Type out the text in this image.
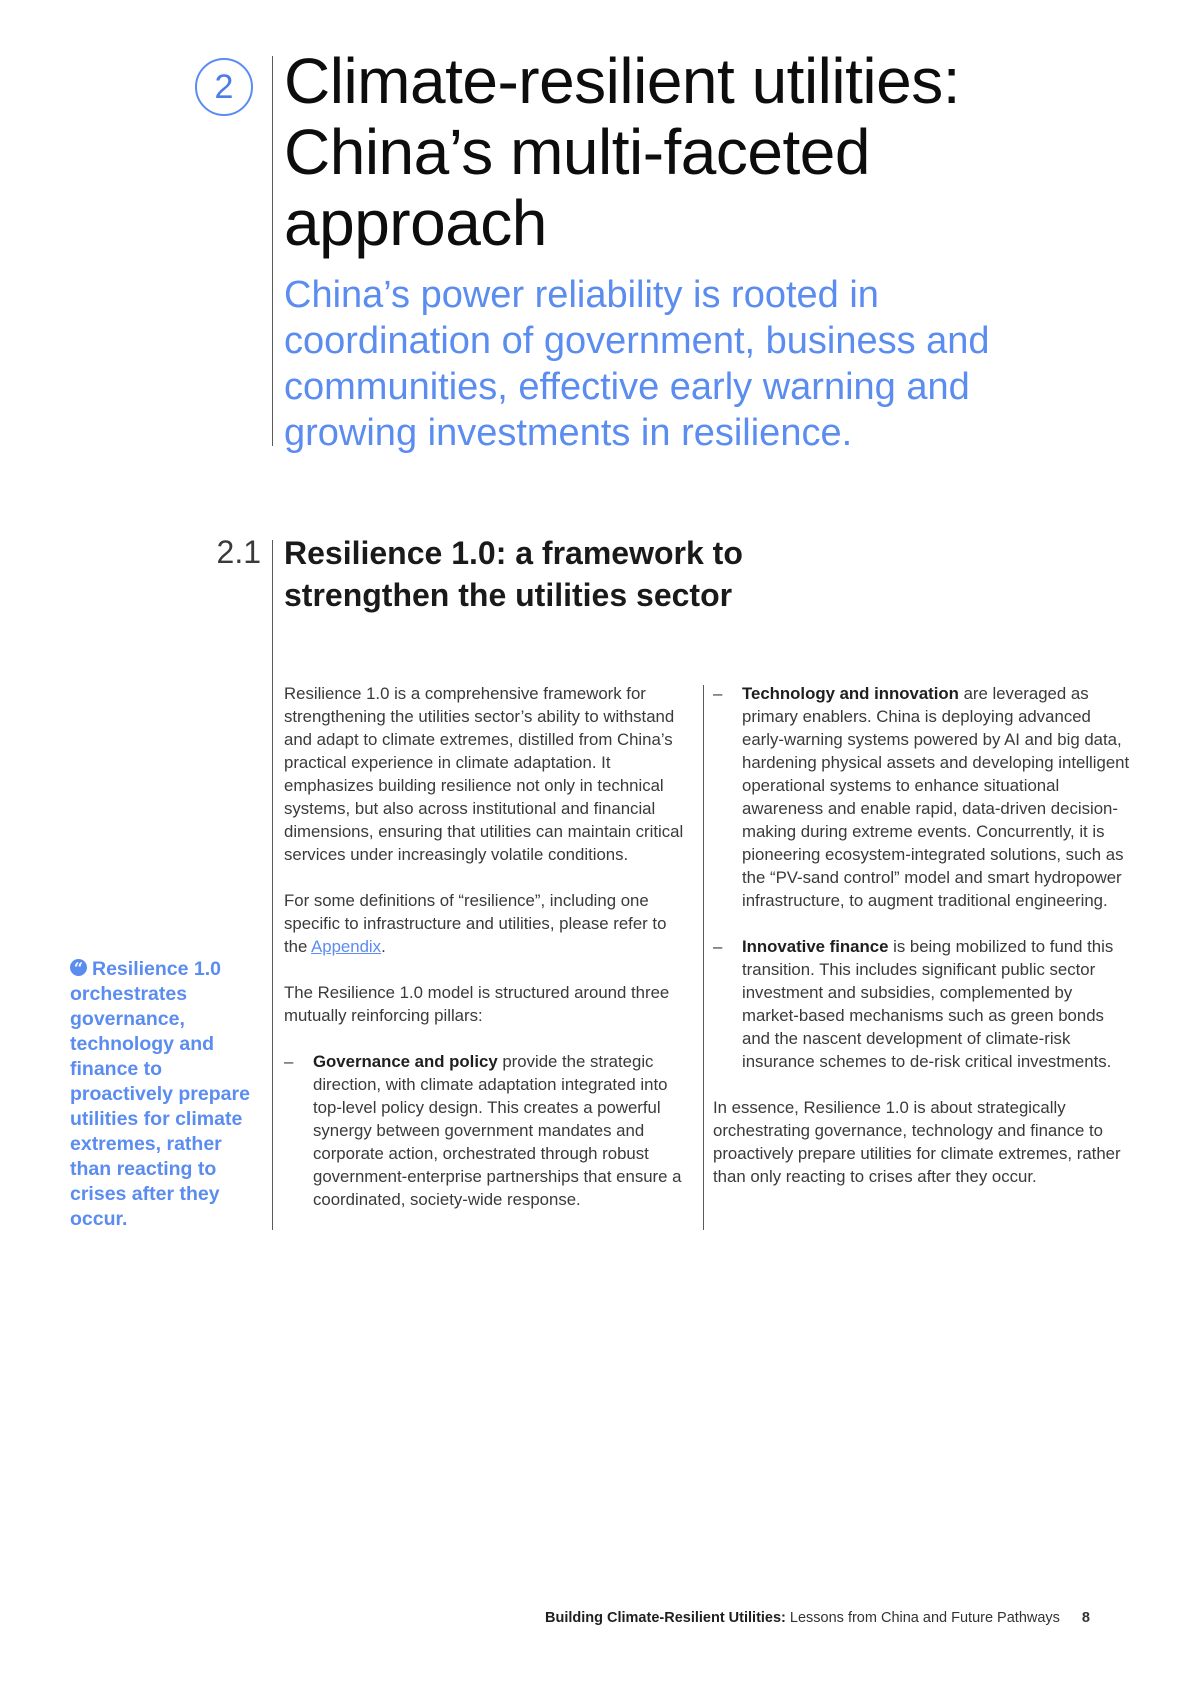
2 Climate-resilient utilities: China’s multi-faceted approach

China’s power reliability is rooted in coordination of government, business and communities, effective early warning and growing investments in resilience.

2.1 Resilience 1.0: a framework to strengthen the utilities sector

Resilience 1.0 is a comprehensive framework for strengthening the utilities sector’s ability to withstand and adapt to climate extremes, distilled from China’s practical experience in climate adaptation. It emphasizes building resilience not only in technical systems, but also across institutional and financial dimensions, ensuring that utilities can maintain critical services under increasingly volatile conditions.

For some definitions of “resilience”, including one specific to infrastructure and utilities, please refer to the Appendix.

The Resilience 1.0 model is structured around three mutually reinforcing pillars:

– Governance and policy provide the strategic direction, with climate adaptation integrated into top-level policy design. This creates a powerful synergy between government mandates and corporate action, orchestrated through robust government-enterprise partnerships that ensure a coordinated, society-wide response.
– Technology and innovation are leveraged as primary enablers. China is deploying advanced early-warning systems powered by AI and big data, hardening physical assets and developing intelligent operational systems to enhance situational awareness and enable rapid, data-driven decision-making during extreme events. Concurrently, it is pioneering ecosystem-integrated solutions, such as the “PV-sand control” model and smart hydropower infrastructure, to augment traditional engineering.
– Innovative finance is being mobilized to fund this transition. This includes significant public sector investment and subsidies, complemented by market-based mechanisms such as green bonds and the nascent development of climate-risk insurance schemes to de-risk critical investments.

In essence, Resilience 1.0 is about strategically orchestrating governance, technology and finance to proactively prepare utilities for climate extremes, rather than only reacting to crises after they occur.

“ Resilience 1.0 orchestrates governance, technology and finance to proactively prepare utilities for climate extremes, rather than reacting to crises after they occur.
Building Climate-Resilient Utilities: Lessons from China and Future Pathways 8
